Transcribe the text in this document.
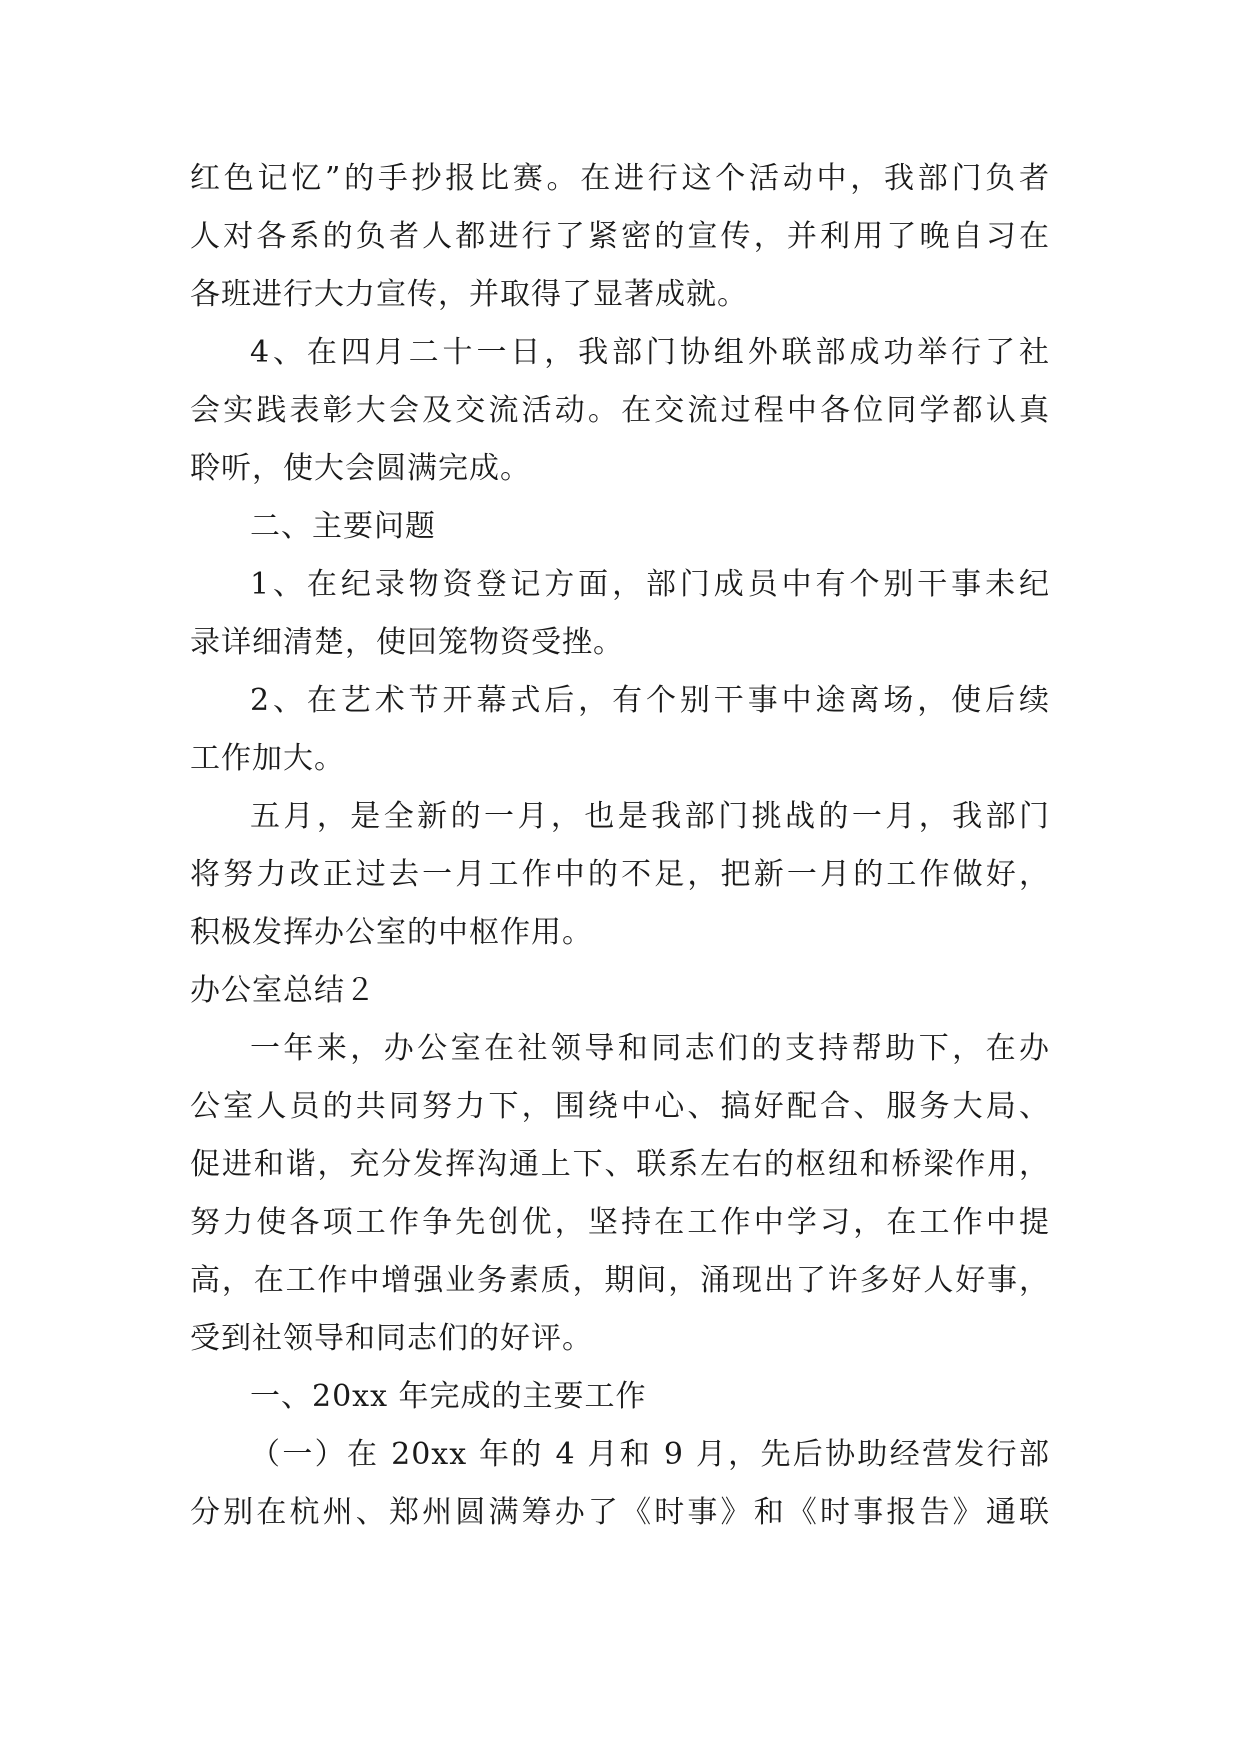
红色记忆”的手抄报比赛。在进行这个活动中，我部门负者
人对各系的负者人都进行了紧密的宣传，并利用了晚自习在
各班进行大力宣传，并取得了显著成就。
4、在四月二十一日，我部门协组外联部成功举行了社
会实践表彰大会及交流活动。在交流过程中各位同学都认真
聆听，使大会圆满完成。
二、主要问题
1、在纪录物资登记方面，部门成员中有个别干事未纪
录详细清楚，使回笼物资受挫。
2、在艺术节开幕式后，有个别干事中途离场，使后续
工作加大。
五月，是全新的一月，也是我部门挑战的一月，我部门
将努力改正过去一月工作中的不足，把新一月的工作做好，
积极发挥办公室的中枢作用。
办公室总结２
一年来，办公室在社领导和同志们的支持帮助下，在办
公室人员的共同努力下，围绕中心、搞好配合、服务大局、
促进和谐，充分发挥沟通上下、联系左右的枢纽和桥梁作用，
努力使各项工作争先创优，坚持在工作中学习，在工作中提
高，在工作中增强业务素质，期间，涌现出了许多好人好事，
受到社领导和同志们的好评。
一、20xx 年完成的主要工作
（一）在 20xx 年的 4 月和 9 月，先后协助经营发行部
分别在杭州、郑州圆满筹办了《时事》和《时事报告》通联
